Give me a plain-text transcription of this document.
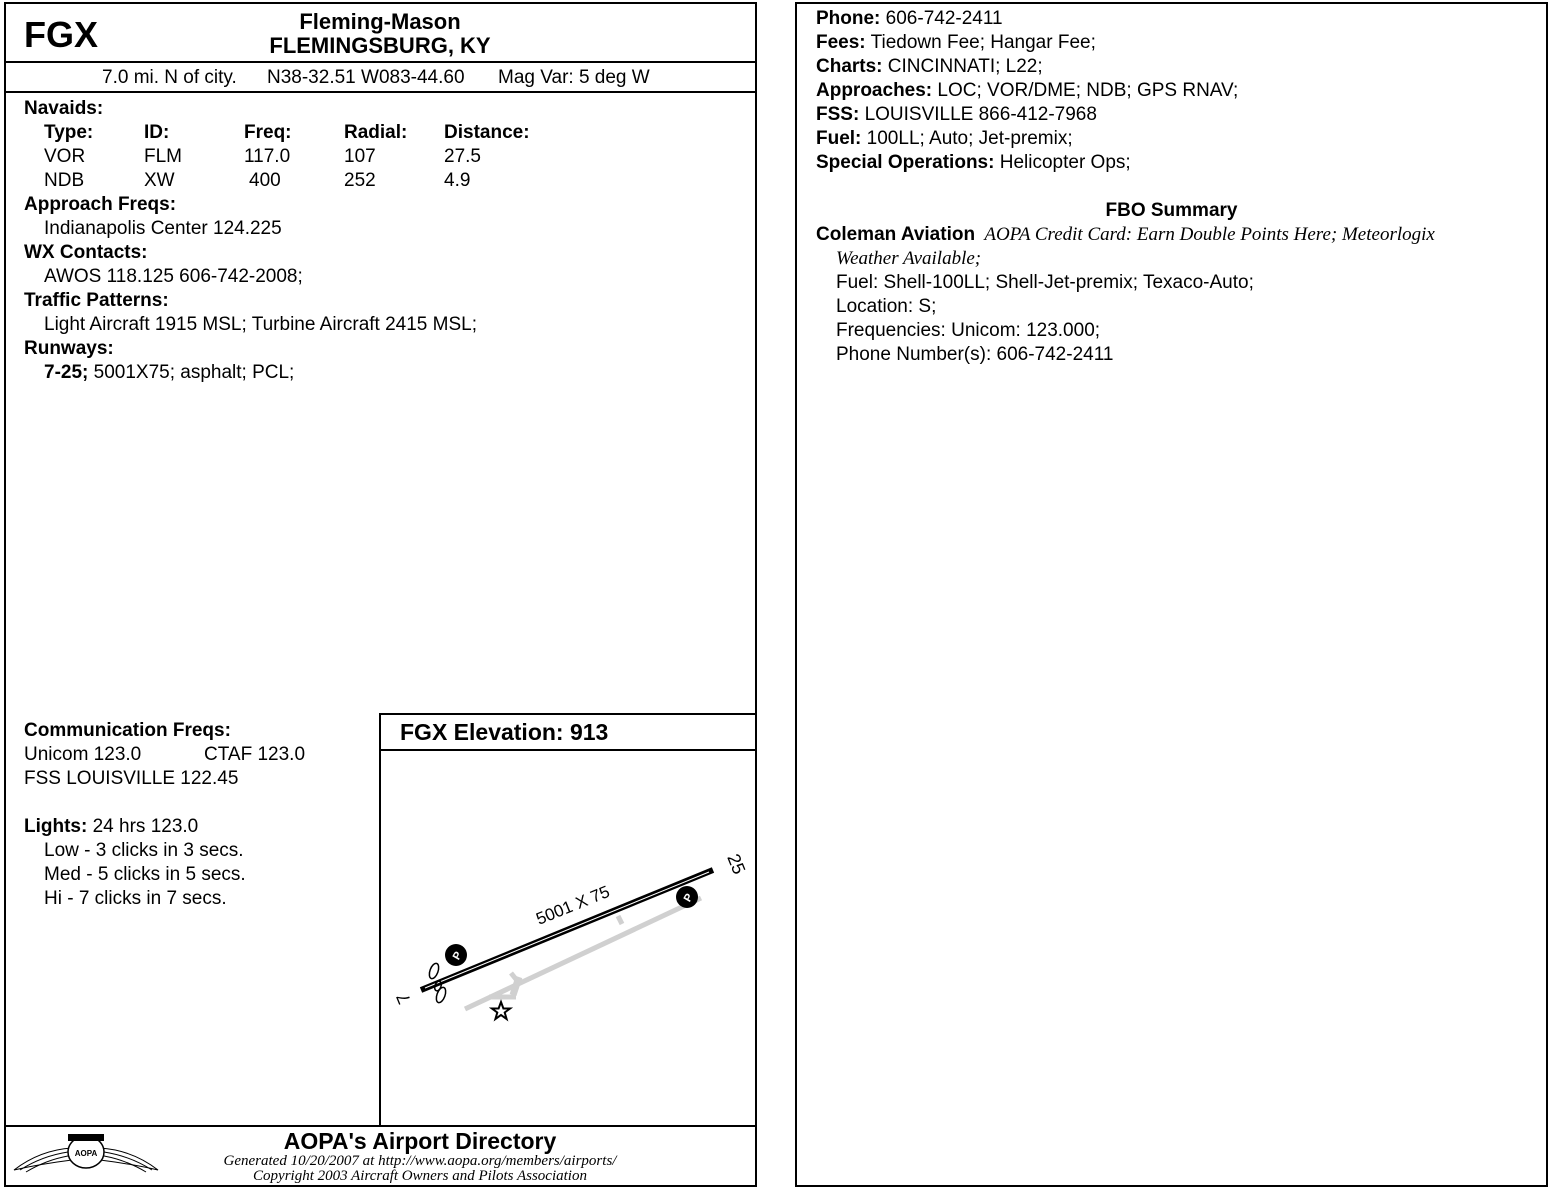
FGX	Fleming-Mason
FLEMINGSBURG, KY
7.0 mi. N of city. N38-32.51 W083-44.60 Mag Var: 5 deg W
Navaids:
Type:	ID:	Freq:	Radial: Distance:
VOR	FLM	117.0	107	27.5
NDB	XW	400	252	4.9
Approach Freqs:
Indianapolis Center 124.225
WX Contacts:
AWOS 118.125 606-742-2008;
Traffic Patterns:
Light Aircraft 1915 MSL; Turbine Aircraft 2415 MSL;
Runways:
7-25; 5001X75; asphalt; PCL;
Communication Freqs:
Unicom 123.0	CTAF 123.0
FSS LOUISVILLE 122.45
Lights: 24 hrs 123.0
Low - 3 clicks in 3 secs.
Med - 5 clicks in 5 secs.
Hi - 7 clicks in 7 secs.
FGX Elevation: 913
5001 X 75
7
25
P
P
AOPA	AOPA's Airport Directory
Generated 10/20/2007 at http://www.aopa.org/members/airports/
Copyright 2003 Aircraft Owners and Pilots Association
Phone: 606-742-2411
Fees: Tiedown Fee; Hangar Fee;
Charts: CINCINNATI; L22;
Approaches: LOC; VOR/DME; NDB; GPS RNAV;
FSS: LOUISVILLE 866-412-7968
Fuel: 100LL; Auto; Jet-premix;
Special Operations: Helicopter Ops;
FBO Summary
Coleman Aviation AOPA Credit Card: Earn Double Points Here; Meteorlogix
Weather Available;
Fuel: Shell-100LL; Shell-Jet-premix; Texaco-Auto;
Location: S;
Frequencies: Unicom: 123.000;
Phone Number(s): 606-742-2411
